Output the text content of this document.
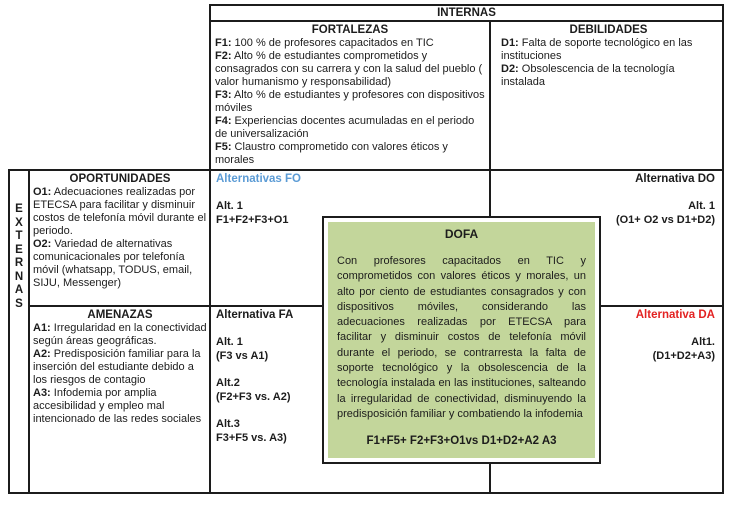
INTERNAS
FORTALEZAS

F1: 100 % de profesores capacitados en TIC

F2: Alto % de estudiantes comprometidos y consagrados con su carrera y con la salud del pueblo ( valor humanismo y responsabilidad)

F3: Alto % de estudiantes y profesores con dispositivos móviles

F4: Experiencias docentes acumuladas en el periodo de universalización

F5: Claustro comprometido con valores éticos y morales

DEBILIDADES

D1: Falta de soporte tecnológico en las instituciones

D2: Obsolescencia de la tecnología instalada

E
X
T
E
R
N
A
S
OPORTUNIDADES

O1: Adecuaciones realizadas por ETECSA para facilitar y disminuir costos de telefonía móvil durante el periodo.

O2: Variedad de alternativas comunicacionales por telefonía móvil (whatsapp, TODUS, email, SIJU, Messenger)

AMENAZAS

A1: Irregularidad en la conectividad según áreas geográficas.

A2: Predisposición familiar para la inserción del estudiante debido a los riesgos de contagio

A3: Infodemia por amplia accesibilidad y empleo mal intencionado de las redes sociales

Alternativas FO
Alt. 1
F1+F2+F3+O1
Alternativa DO
Alt. 1
(O1+ O2 vs D1+D2)
Alternativa FA
Alt. 1
(F3 vs A1)
Alt.2
(F2+F3 vs. A2)
Alt.3
F3+F5 vs. A3)
Alternativa DA
Alt1.
(D1+D2+A3)
DOFA
Con profesores capacitados en TIC y comprometidos con valores éticos y morales, un alto por ciento de estudiantes consagrados y con dispositivos móviles, considerando las adecuaciones realizadas por ETECSA para facilitar y disminuir costos de telefonía móvil durante el periodo, se contrarresta la falta de soporte tecnológico y la obsolescencia de la tecnología instalada en las instituciones, salteando la irregularidad de conectividad, disminuyendo la predisposición familiar y combatiendo la infodemia
F1+F5+ F2+F3+O1vs D1+D2+A2 A3
